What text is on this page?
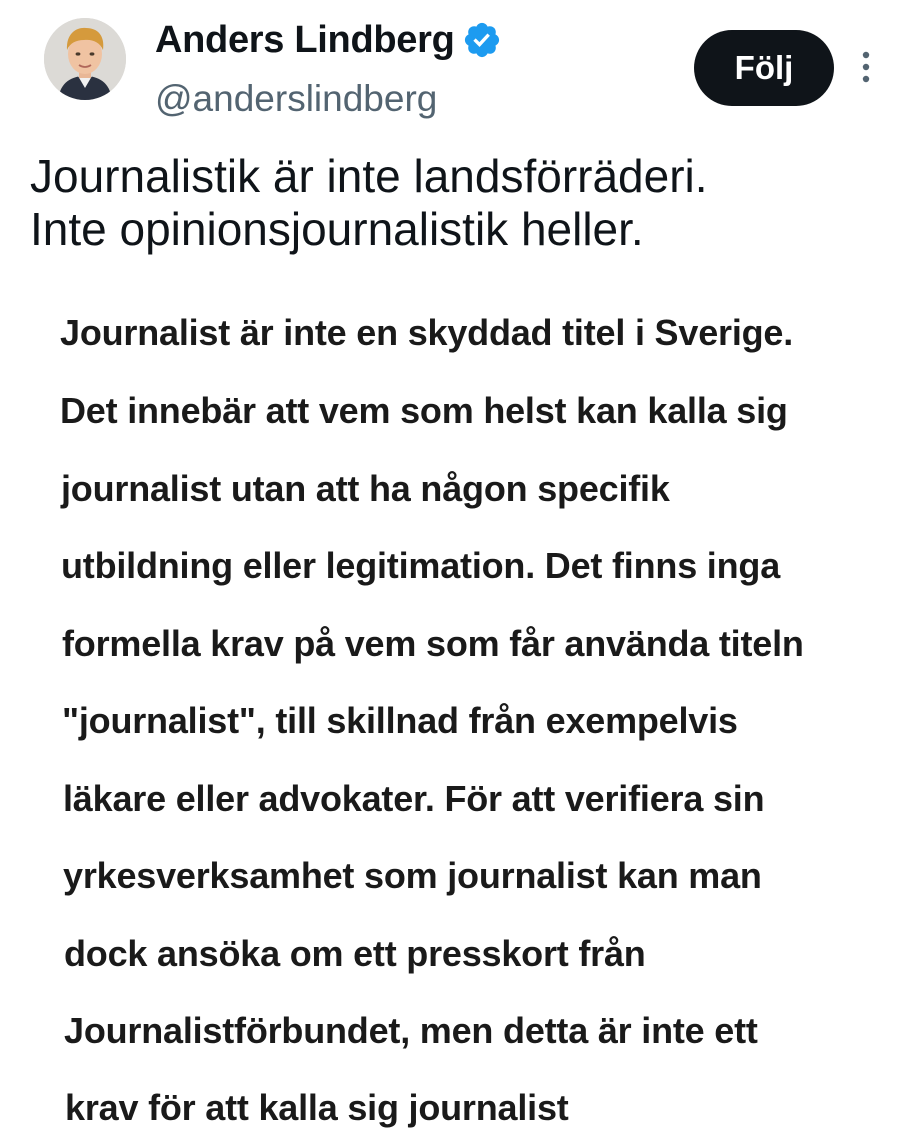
Anders Lindberg
@anderslindberg
Följ

Journalistik är inte landsförräderi.
Inte opinionsjournalistik heller.

Journalist är inte en skyddad titel i Sverige.
Det innebär att vem som helst kan kalla sig
journalist utan att ha någon specifik
utbildning eller legitimation. Det finns inga
formella krav på vem som får använda titeln
"journalist", till skillnad från exempelvis
läkare eller advokater. För att verifiera sin
yrkesverksamhet som journalist kan man
dock ansöka om ett presskort från
Journalistförbundet, men detta är inte ett
krav för att kalla sig journalist
